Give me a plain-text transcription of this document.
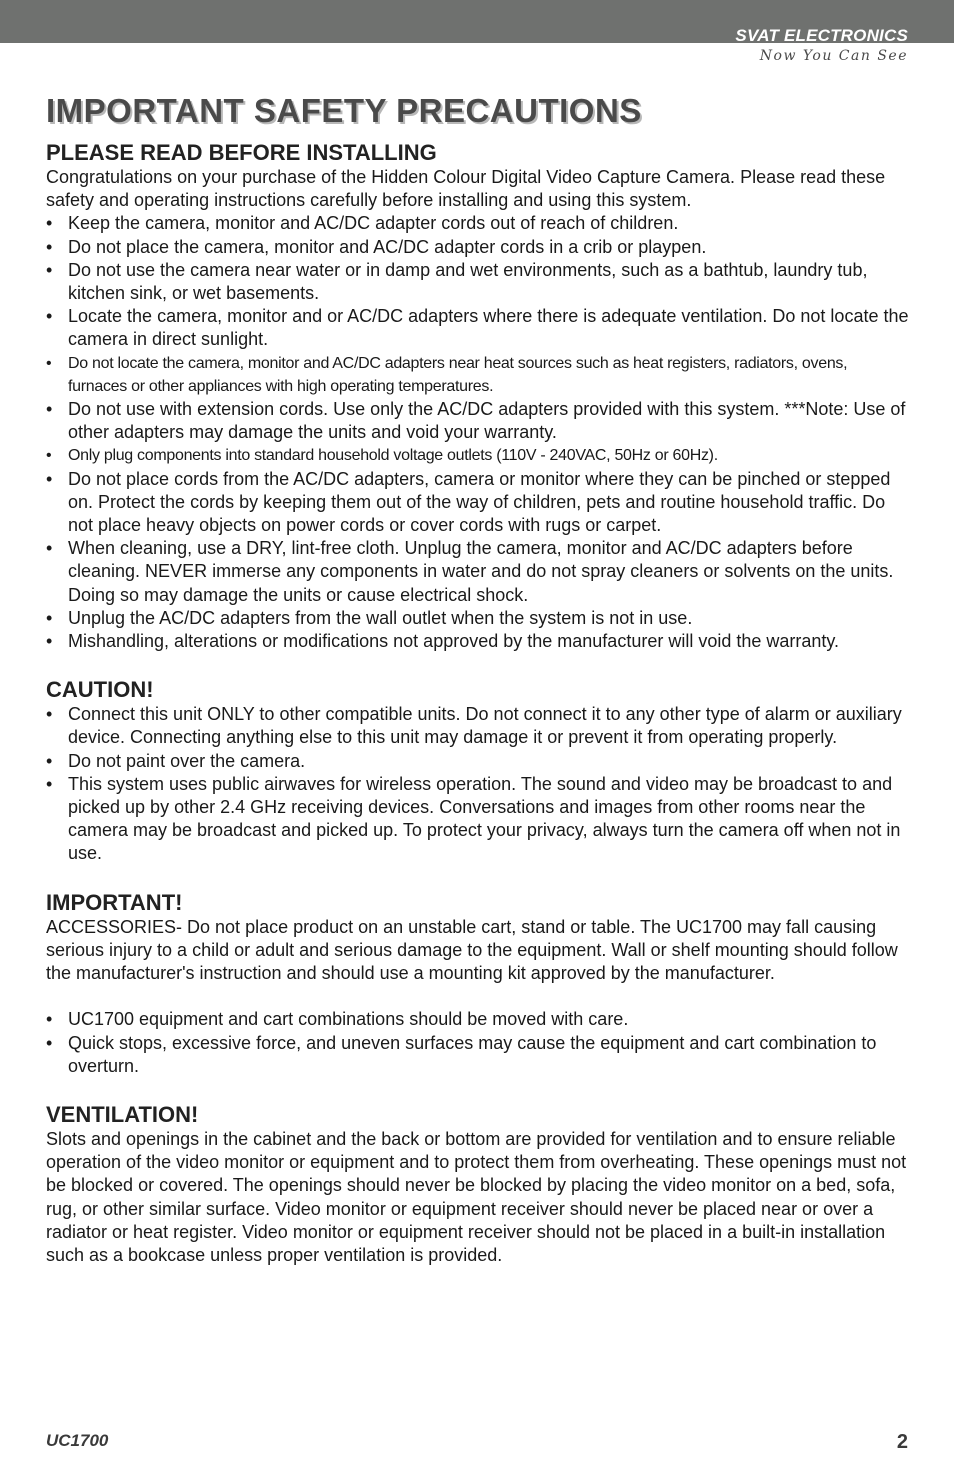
SVAT ELECTRONICS
Now You Can See
IMPORTANT SAFETY PRECAUTIONS
PLEASE READ BEFORE INSTALLING

Congratulations on your purchase of the Hidden Colour Digital Video Capture Camera. Please read these safety and operating instructions carefully before installing and using this system.

• Keep the camera, monitor and AC/DC adapter cords out of reach of children.
• Do not place the camera, monitor and AC/DC adapter cords in a crib or playpen.
• Do not use the camera near water or in damp and wet environments, such as a bathtub, laundry tub, kitchen sink, or wet basements.
• Locate the camera, monitor and or AC/DC adapters where there is adequate ventilation. Do not locate the camera in direct sunlight.
• Do not locate the camera, monitor and AC/DC adapters near heat sources such as heat registers, radiators, ovens, furnaces or other appliances with high operating temperatures.
• Do not use with extension cords. Use only the AC/DC adapters provided with this system. ***Note: Use of other adapters may damage the units and void your warranty.
• Only plug components into standard household voltage outlets (110V - 240VAC, 50Hz or 60Hz).
• Do not place cords from the AC/DC adapters, camera or monitor where they can be pinched or stepped on. Protect the cords by keeping them out of the way of children, pets and routine household traffic. Do not place heavy objects on power cords or cover cords with rugs or carpet.
• When cleaning, use a DRY, lint-free cloth. Unplug the camera, monitor and AC/DC adapters before cleaning. NEVER immerse any components in water and do not spray cleaners or solvents on the units. Doing so may damage the units or cause electrical shock.
• Unplug the AC/DC adapters from the wall outlet when the system is not in use.
• Mishandling, alterations or modifications not approved by the manufacturer will void the warranty.
CAUTION!
• Connect this unit ONLY to other compatible units. Do not connect it to any other type of alarm or auxiliary device. Connecting anything else to this unit may damage it or prevent it from operating properly.
• Do not paint over the camera.
• This system uses public airwaves for wireless operation. The sound and video may be broadcast to and picked up by other 2.4 GHz receiving devices. Conversations and images from other rooms near the camera may be broadcast and picked up. To protect your privacy, always turn the camera off when not in use.
IMPORTANT!

ACCESSORIES- Do not place product on an unstable cart, stand or table. The UC1700 may fall causing serious injury to a child or adult and serious damage to the equipment. Wall or shelf mounting should follow the manufacturer's instruction and should use a mounting kit approved by the manufacturer.

• UC1700 equipment and cart combinations should be moved with care.
• Quick stops, excessive force, and uneven surfaces may cause the equipment and cart combination to overturn.
VENTILATION!

Slots and openings in the cabinet and the back or bottom are provided for ventilation and to ensure reliable operation of the video monitor or equipment and to protect them from overheating. These openings must not be blocked or covered. The openings should never be blocked by placing the video monitor on a bed, sofa, rug, or other similar surface. Video monitor or equipment receiver should never be placed near or over a radiator or heat register. Video monitor or equipment receiver should not be placed in a built-in installation such as a bookcase unless proper ventilation is provided.

UC1700	2
